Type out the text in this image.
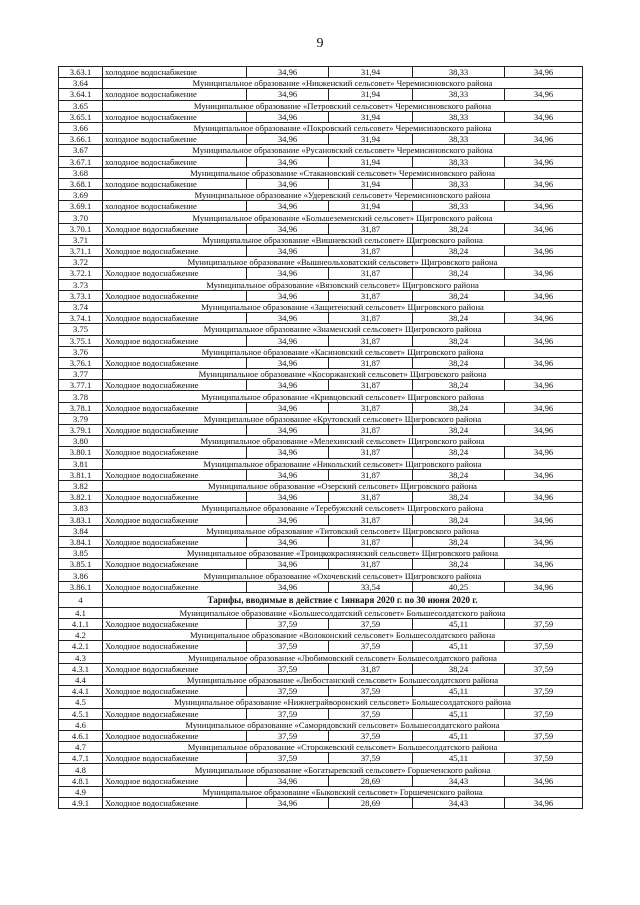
9
3.63.1	холодное водоснабжение	34,96	31,94	38,33	34,96
3.64	Муниципальное образование «Никженский сельсовет» Черемисиновского района				
3.64.1	холодное водоснабжение	34,96	31,94	38,33	34,96
3.65	Муниципальное образование «Петровский сельсовет» Черемисиновского района				
3.65.1	холодное водоснабжение	34,96	31,94	38,33	34,96
3.66	Муниципальное образование «Покровский сельсовет» Черемисиновского района				
3.66.1	холодное водоснабжение	34,96	31,94	38,33	34,96
3.67	Муниципальное образование «Русановский сельсовет» Черемисиновского района				
3.67.1	холодное водоснабжение	34,96	31,94	38,33	34,96
3.68	Муниципальное образование «Стакановский сельсовет» Черемисиновского района				
3.68.1	холодное водоснабжение	34,96	31,94	38,33	34,96
3.69	Муниципальное образование «Удеревский сельсовет» Черемисиновского района				
3.69.1	холодное водоснабжение	34,96	31,94	38,33	34,96
3.70	Муниципальное образование «Большеземенский сельсовет» Щигровского района				
3.70.1	Холодное водоснабжение	34,96	31,87	38,24	34,96
3.71	Муниципальное образование «Вишневский сельсовет» Щигровского района				
3.71.1	Холодное водоснабжение	34,96	31,87	38,24	34,96
3.72	Муниципальное образование «Вышнеольховатский сельсовет» Щигровского района				
3.72.1	Холодное водоснабжение	34,96	31,87	38,24	34,96
3.73	Муниципальное образование «Вязовский сельсовет» Щигровского района				
3.73.1	Холодное водоснабжение	34,96	31,87	38,24	34,96
3.74	Муниципальное образование «Защитенский сельсовет» Щигровского района				
3.74.1	Холодное водоснабжение	34,96	31,87	38,24	34,96
3.75	Муниципальное образование «Знаменский сельсовет» Щигровского района				
3.75.1	Холодное водоснабжение	34,96	31,87	38,24	34,96
3.76	Муниципальное образование «Касиновский сельсовет» Щигровского района				
3.76.1	Холодное водоснабжение	34,96	31,87	38,24	34,96
3.77	Муниципальное образование «Косоржанский сельсовет» Щигровского района				
3.77.1	Холодное водоснабжение	34,96	31,87	38,24	34,96
3.78	Муниципальное образование «Кривцовский сельсовет» Щигровского района				
3.78.1	Холодное водоснабжение	34,96	31,87	38,24	34,96
3.79	Муниципальное образование «Крутовский сельсовет» Щигровского района				
3.79.1	Холодное водоснабжение	34,96	31,87	38,24	34,96
3.80	Муниципальное образование «Мелехинский сельсовет» Щигровского района				
3.80.1	Холодное водоснабжение	34,96	31,87	38,24	34,96
3.81	Муниципальное образование «Никольский сельсовет» Щигровского района				
3.81.1	Холодное водоснабжение	34,96	31,87	38,24	34,96
3.82	Муниципальное образование «Озерский сельсовет» Щигровского района				
3.82.1	Холодное водоснабжение	34,96	31,87	38,24	34,96
3.83	Муниципальное образование «Теребужский сельсовет» Щигровского района				
3.83.1	Холодное водоснабжение	34,96	31,87	38,24	34,96
3.84	Муниципальное образование «Титовский сельсовет» Щигровского района				
3.84.1	Холодное водоснабжение	34,96	31,87	38,24	34,96
3.85	Муниципальное образование «Троицкокраснянский сельсовет» Щигровского района				
3.85.1	Холодное водоснабжение	34,96	31,87	38,24	34,96
3.86	Муниципальное образование «Охочевский сельсовет» Щигровского района				
3.86.1	Холодное водоснабжение	34,96	33,54	40,25	34,96
4	Тарифы, вводимые в действие с 1января 2020 г. по 30 июня 2020 г.				
4.1	Муниципальное образование «Большесолдатский сельсовет» Большесолдатского района				
4.1.1	Холодное водоснабжение	37,59	37,59	45,11	37,59
4.2	Муниципальное образование «Волоконский сельсовет» Большесолдатского района				
4.2.1	Холодное водоснабжение	37,59	37,59	45,11	37,59
4.3	Муниципальное образование «Любимовский сельсовет» Большесолдатского района				
4.3.1	Холодное водоснабжение	37,59	31,87	38,24	37,59
4.4	Муниципальное образование «Любостанский сельсовет» Большесолдатского района				
4.4.1	Холодное водоснабжение	37,59	37,59	45,11	37,59
4.5	Муниципальное образование «Нижнеграйворонский сельсовет» Большесолдатского района				
4.5.1	Холодное водоснабжение	37,59	37,59	45,11	37,59
4.6	Муниципальное образование «Саморядовский сельсовет» Большесолдатского района				
4.6.1	Холодное водоснабжение	37,59	37,59	45,11	37,59
4.7	Муниципальное образование «Сторожевский сельсовет» Большесолдатского района				
4.7.1	Холодное водоснабжение	37,59	37,59	45,11	37,59
4.8	Муниципальное образование «Богатыревский сельсовет» Горшеченского района				
4.8.1	Холодное водоснабжение	34,96	28,69	34,43	34,96
4.9	Муниципальное образование «Быковский сельсовет» Горшеченского района				
4.9.1	Холодное водоснабжение	34,96	28,69	34,43	34,96
